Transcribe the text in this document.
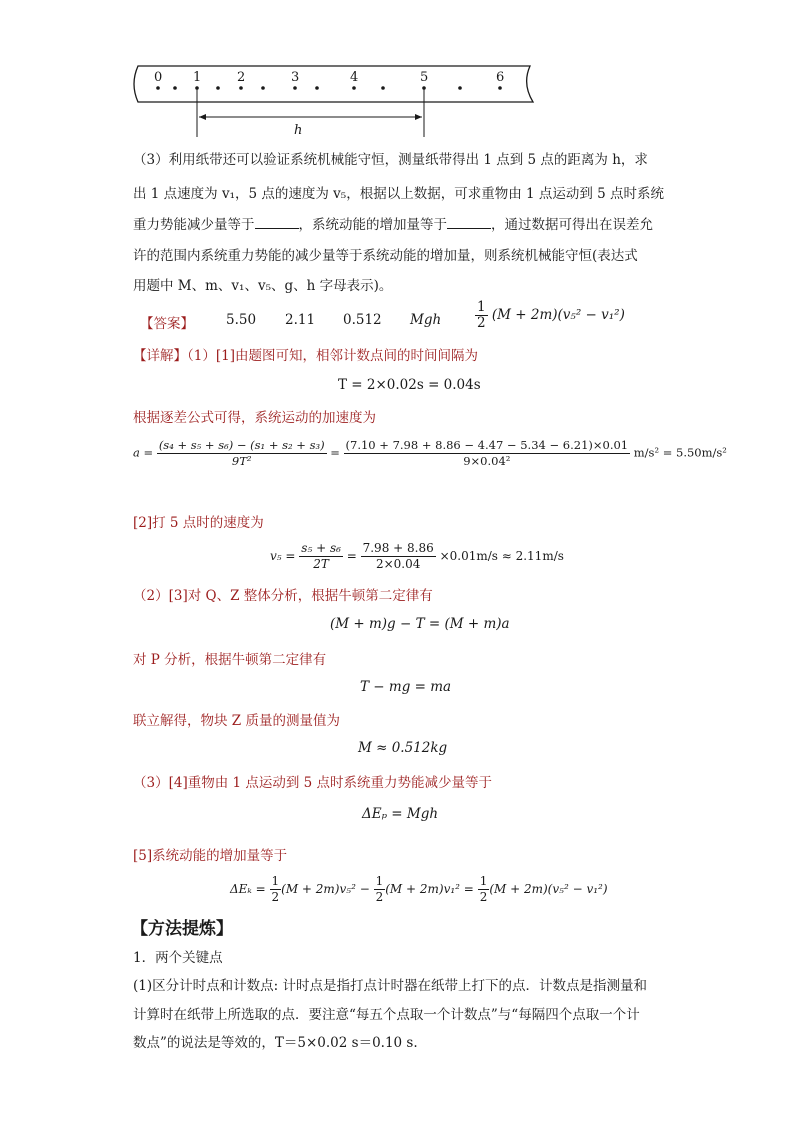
0 1	2	3	4	5	6
h
（3）利用纸带还可以验证系统机械能守恒，测量纸带得出 1 点到 5 点的距离为 h，求
出 1 点速度为 v₁，5 点的速度为 v₅，根据以上数据，可求重物由 1 点运动到 5 点时系统
重力势能减少量等于	，系统动能的增加量等于	，通过数据可得出在误差允
许的范围内系统重力势能的减少量等于系统动能的增加量，则系统机械能守恒(表达式
用题中 M、m、v₁、v₅、g、h 字母表示)。
【答案】 5.50 2.11 0.512 Mgh	$\frac{1}{2} (M + 2m)(v_5^2 - v_1^2)$
【详解】（1）[1]由题图可知，相邻计数点间的时间间隔为
T = 2×0.02s = 0.04s
根据逐差公式可得，系统运动的加速度为
$a = \frac{\text{(s₄ + s₅ + s₆) − (s₁ + s₂ + s₃)}}{\text{9T²}} = \frac{(7.10 + 7.98 + 8.86 - 4.47 - 5.34 - 6.21)\times 0.01}{\text{9×0.04²}} m/s^2 = 5.50m/s^2$
[2]打 5 点时的速度为
$v_5 = \frac{\text{s₅ + s₆}}{2T} = \frac{7.98 + 8.86}{2\times 0.04} \times 0.01m/s \approx 2.11m/s$
（2）[3]对 Q、Z 整体分析，根据牛顿第二定律有
(M + m)g − T = (M + m)a
对 P 分析，根据牛顿第二定律有
T − mg = ma
联立解得，物块 Z 质量的测量值为
M ≈ 0.512kg
（3）[4]重物由 1 点运动到 5 点时系统重力势能减少量等于
ΔEₚ = Mgh
[5]系统动能的增加量等于
$\Delta E_k = \frac{1}{2} (M + 2m)v_5^2 - \frac{1}{2} (M + 2m)v_1^2 = \frac{1}{2} (M + 2m)(v_5^2 - v_1^2)$
【方法提炼】
1．两个关键点
(1)区分计时点和计数点: 计时点是指打点计时器在纸带上打下的点．计数点是指测量和
计算时在纸带上所选取的点．要注意“每五个点取一个计数点”与“每隔四个点取一个计
数点”的说法是等效的，T＝5×0.02 s＝0.10 s.
